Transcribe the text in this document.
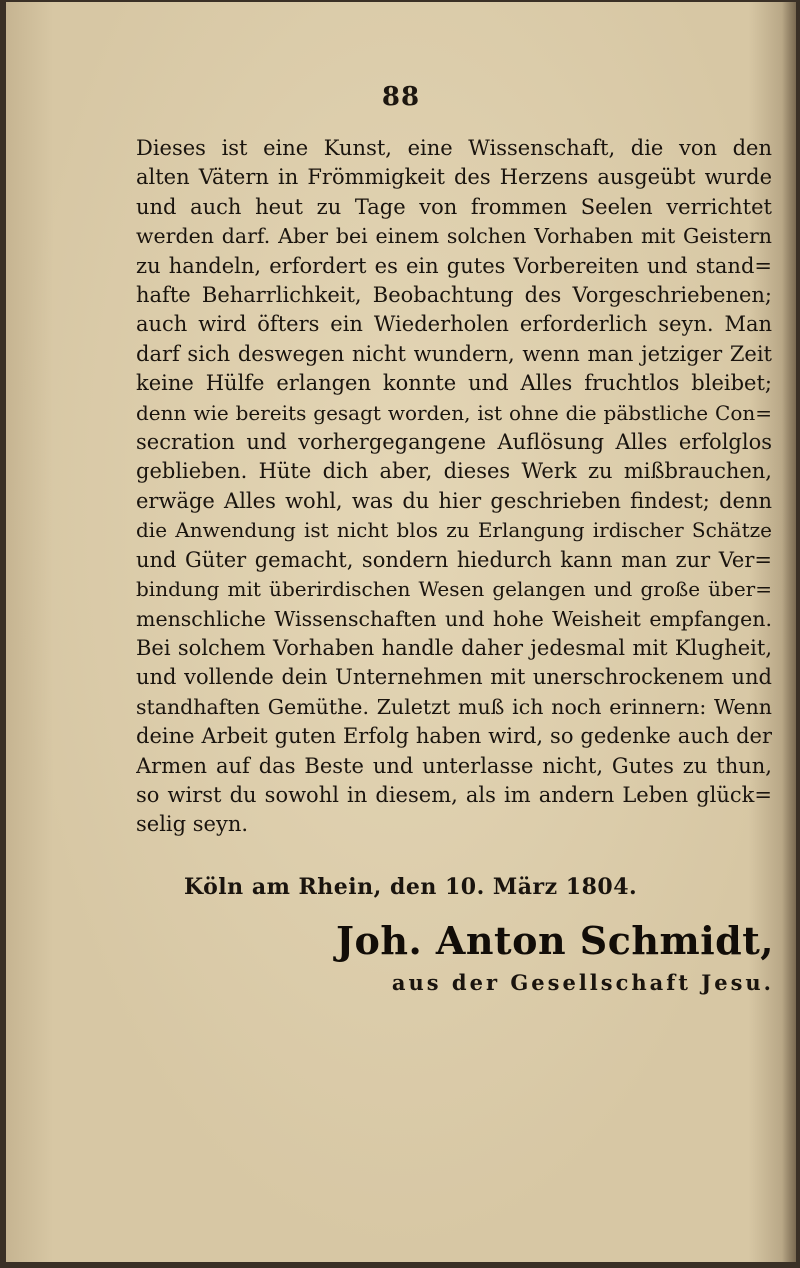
88
Dieses ist eine Kunst, eine Wissenschaft, die von den
alten Vätern in Frömmigkeit des Herzens ausgeübt wurde
und auch heut zu Tage von frommen Seelen verrichtet
werden darf. Aber bei einem solchen Vorhaben mit Geistern
zu handeln, erfordert es ein gutes Vorbereiten und stand=
hafte Beharrlichkeit, Beobachtung des Vorgeschriebenen;
auch wird öfters ein Wiederholen erforderlich seyn. Man
darf sich deswegen nicht wundern, wenn man jetziger Zeit
keine Hülfe erlangen konnte und Alles fruchtlos bleibet;
denn wie bereits gesagt worden, ist ohne die päbstliche Con=
secration und vorhergegangene Auflösung Alles erfolglos
geblieben. Hüte dich aber, dieses Werk zu mißbrauchen,
erwäge Alles wohl, was du hier geschrieben findest; denn
die Anwendung ist nicht blos zu Erlangung irdischer Schätze
und Güter gemacht, sondern hiedurch kann man zur Ver=
bindung mit überirdischen Wesen gelangen und große über=
menschliche Wissenschaften und hohe Weisheit empfangen.
Bei solchem Vorhaben handle daher jedesmal mit Klugheit,
und vollende dein Unternehmen mit unerschrockenem und
standhaften Gemüthe. Zuletzt muß ich noch erinnern: Wenn
deine Arbeit guten Erfolg haben wird, so gedenke auch der
Armen auf das Beste und unterlasse nicht, Gutes zu thun,
so wirst du sowohl in diesem, als im andern Leben glück=
selig seyn.
Köln am Rhein, den 10. März 1804.
Joh. Anton Schmidt,
aus der Gesellschaft Jesu.
